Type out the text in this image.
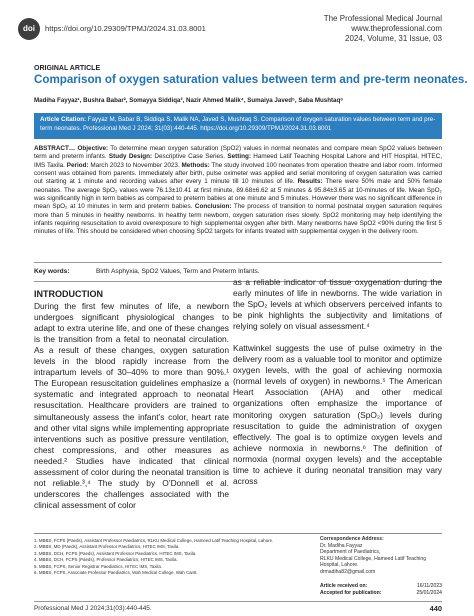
doi	https://doi.org/10.29309/TPMJ/2024.31.03.8001
The Professional Medical Journal
www.theprofessional.com
2024, Volume, 31 Issue, 03
ORIGINAL ARTICLE
Comparison of oxygen saturation values between term and pre-term neonates.
Madiha Fayyaz¹, Bushra Babar², Somayya Siddiqa³, Nazir Ahmed Malik⁴, Sumaiya Javed⁵, Saba Mushtaq⁶
Article Citation: Fayyaz M, Babar B, Siddiqa S, Malik NA, Javed S, Mushtaq S. Comparison of oxygen saturation values between term and pre-term neonates. Professional Med J 2024; 31(03):440-445. https://doi.org/10.29309/TPMJ/2024.31.03.8001
ABSTRACT… Objective: To determine mean oxygen saturation (SpO2) values in normal neonates and compare mean SpO2 values between term and preterm infants. Study Design: Descriptive Case Series. Setting: Hameed Latif Teaching Hospital Lahore and HIT Hospital, HITEC, IMS Taxila. Period: March 2023 to November 2023. Methods: The study involved 100 neonates from operation theatre and labor room. Informed consent was obtained from parents. Immediately after birth, pulse oximeter was applied and serial monitoring of oxygen saturation was carried out starting at 1 minute and recording values after every 1 minute till 10 minutes of life. Results: There were 50% male and 50% female neonates. The average SpO₂ values were 76.13±10.41 at first minute, 89.68±6.62 at 5 minutes & 95.84±3.65 at 10-minutes of life. Mean SpO₂ was significantly high in term babies as compared to preterm babies at one minute and 5 minutes. However there was no significant difference in mean SpO₂ at 10 minutes in term and preterm babies. Conclusion: The process of transition to normal postnatal oxygen saturation requires more than 5 minutes in healthy newborns. In healthy term newborn, oxygen saturation rises slowly. SpO2 monitoring may help identifying the infants requiring resuscitation to avoid overexposure to high supplemental oxygen after birth. Many newborns have SpO2 <90% during the first 5 minutes of life. This should be considered when choosing SpO2 targets for infants treated with supplemental oxygen in the delivery room.
Key words:	Birth Asphyxia, SpO2 Values, Term and Preterm Infants.
INTRODUCTION

During the first few minutes of life, a newborn undergoes significant physiological changes to adapt to extra uterine life, and one of these changes is the transition from a fetal to neonatal circulation. As a result of these changes, oxygen saturation levels in the blood rapidly increase from the intrapartum levels of 30–40% to more than 90%.¹ The European resuscitation guidelines emphasize a systematic and integrated approach to neonatal resuscitation. Healthcare providers are trained to simultaneously assess the infant’s color, heart rate and other vital signs while implementing appropriate interventions such as positive pressure ventilation, chest compressions, and other measures as needed.² Studies have indicated that clinical assessment of color during the neonatal transition is not reliable.³,⁴ The study by O’Donnell et al. underscores the challenges associated with the clinical assessment of color

as a reliable indicator of tissue oxygenation during the early minutes of life in newborns. The wide variation in the SpO₂ levels at which observers perceived infants to be pink highlights the subjectivity and limitations of relying solely on visual assessment.⁴

Kattwinkel suggests the use of pulse oximetry in the delivery room as a valuable tool to monitor and optimize oxygen levels, with the goal of achieving normoxia (normal levels of oxygen) in newborns.⁵ The American Heart Association (AHA) and other medical organizations often emphasize the importance of monitoring oxygen saturation (SpO₂) levels during resuscitation to guide the administration of oxygen effectively. The goal is to optimize oxygen levels and achieve normoxia in newborns.⁶ The definition of normoxia (normal oxygen levels) and the acceptable time to achieve it during neonatal transition may vary across

1. MBBS, FCPS (Paeds), Assistant Professor Paediatrics, RLKU Medical College, Hameed Latif Teaching Hospital, Lahore.
2. MBBS, MD (Paeds), Assistant Professor Paediatrics, HITEC IMS, Taxila.
3. MBBS, DCH, FCPS (Paeds), Assistant Professor Paediatrics, HITEC IMS, Taxila.
4. MBBS, DCH, FCPS (Paeds), Professor Paediatrics, HITEC IMS, Taxila.
5. MBBS, FCPS, Senior Registrar Paediatrics, HITEC IMS, Taxila.
6. MBBS, FCPS, Associate Professor Paediatrics, Wah Medical College, Wah Cantt.
Correspondence Address:
Dr. Madiha Fayyaz
Department of Paediatrics,
RLKU Medical College, Hameed Latif Teaching
Hospital, Lahore.
drmadiha82@gmail.com
Article received on:	16/11/2023
Accepted for publication:	25/01/2024
Professional Med J 2024;31(03):440-445.	440
